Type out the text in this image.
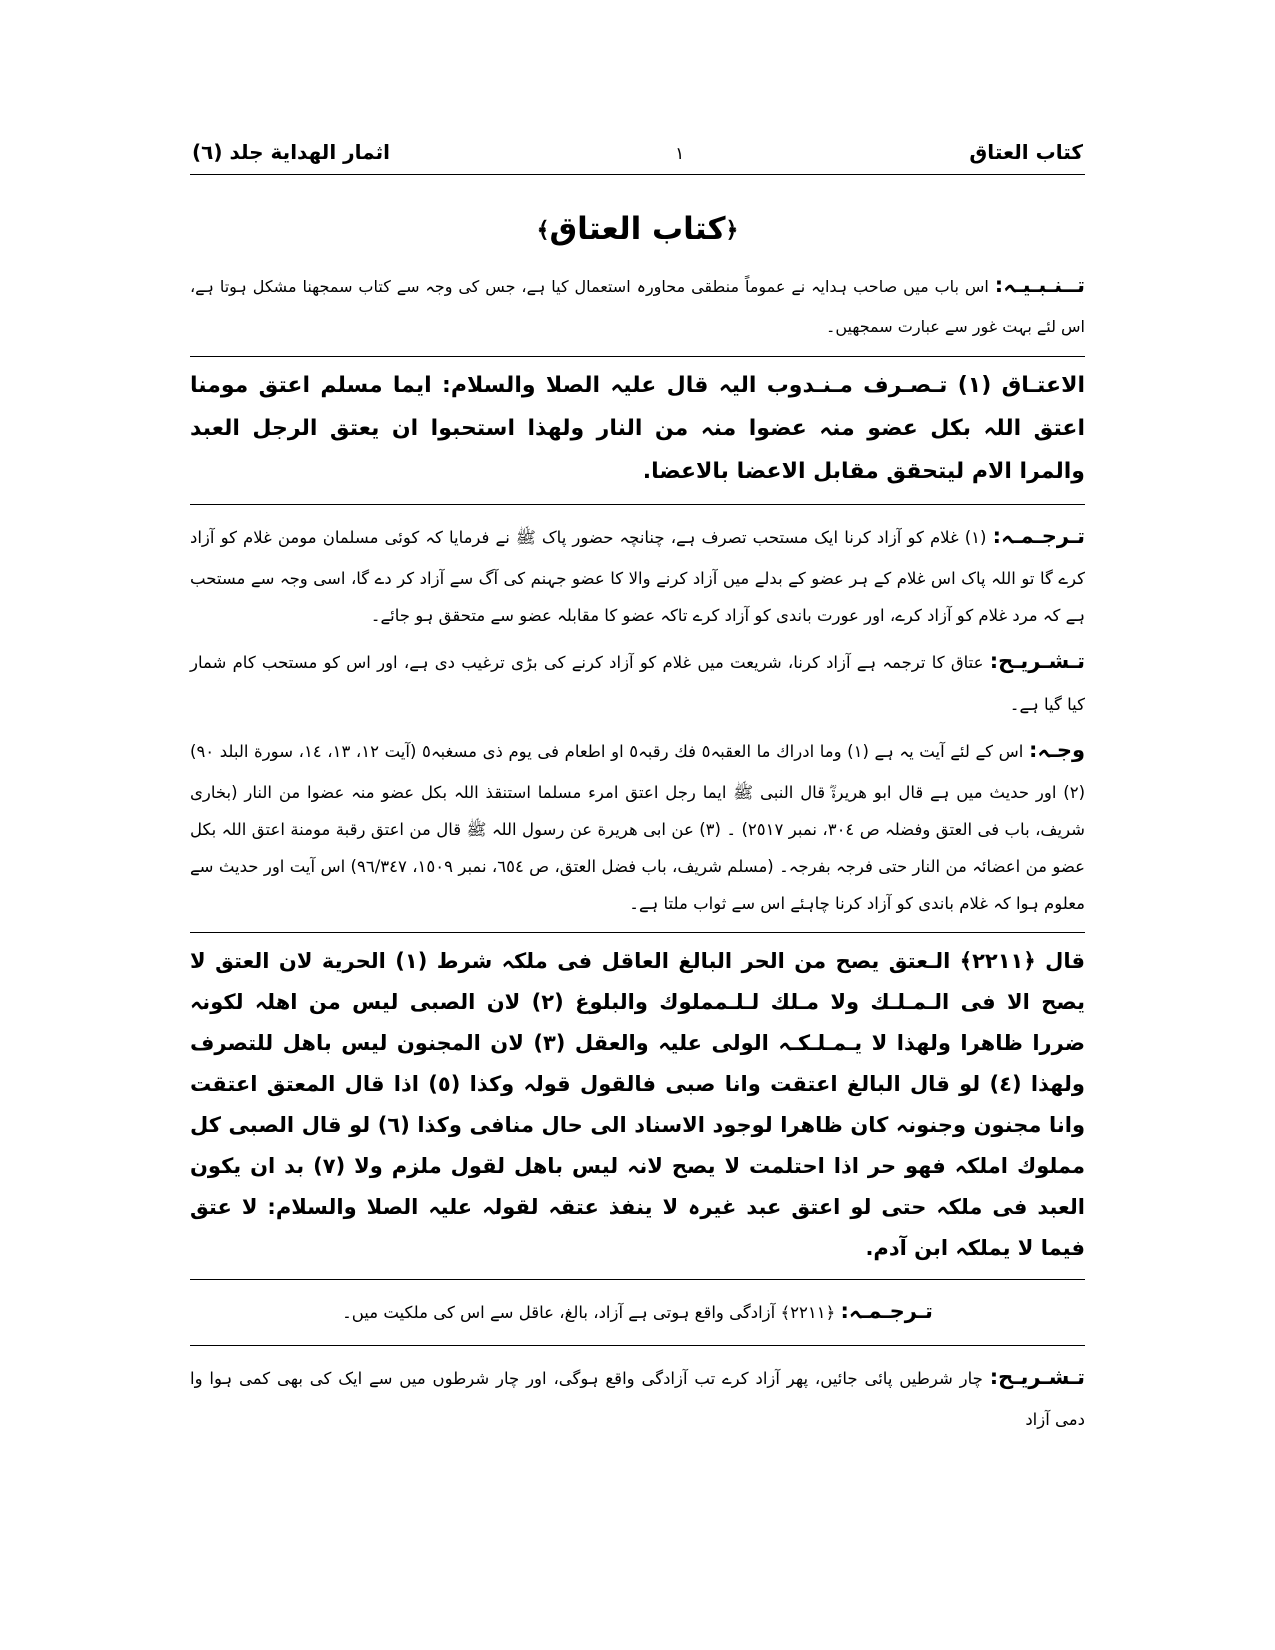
كتاب العتاق
١
اثمار الهداية جلد (٦)
﴿كتاب العتاق﴾

تــنـبـیـہ: اس باب میں صاحب ہدایہ نے عموماً منطقی محاورہ استعمال کیا ہے، جس کی وجہ سے کتاب سمجھنا مشکل ہوتا ہے، اس لئے بہت غور سے عبارت سمجھیں۔

الاعتـاق (١) تـصـرف مـنـدوب الیہ قال علیہ الصلا والسلام: ایما مسلم اعتق مومنا اعتق اللہ بكل عضو منہ عضوا منہ من النار ولھذا استحبوا ان یعتق الرجل العبد والمرا الام لیتحقق مقابل الاعضا بالاعضا.

تـرجـمـہ: (١) غلام کو آزاد کرنا ایک مستحب تصرف ہے، چنانچہ حضور پاک ﷺ نے فرمایا کہ کوئی مسلمان مومن غلام کو آزاد کرے گا تو اللہ پاک اس غلام کے ہر عضو کے بدلے میں آزاد کرنے والا کا عضو جہنم کی آگ سے آزاد کر دے گا، اسی وجہ سے مستحب ہے کہ مرد غلام کو آزاد کرے، اور عورت باندی کو آزاد کرے تاکہ عضو کا مقابلہ عضو سے متحقق ہو جائے۔

تـشـریـح: عتاق کا ترجمہ ہے آزاد کرنا، شریعت میں غلام کو آزاد کرنے کی بڑی ترغیب دی ہے، اور اس کو مستحب کام شمار کیا گیا ہے۔

وجـہ: اس کے لئے آیت یہ ہے (١) وما ادراك ما العقبہ٥ فك رقبہ٥ او اطعام فی یوم ذی مسغبہ٥ (آیت ١٢، ١٣، ١٤، سورة البلد ٩٠) (٢) اور حدیث میں ہے قال ابو ھریرةؓ قال النبی ﷺ ایما رجل اعتق امرء مسلما استنقذ اللہ بكل عضو منہ عضوا من النار (بخاری شریف، باب فی العتق وفضلہ ص ٣٠٤، نمبر ٢٥١٧) ۔ (٣) عن ابی ھریرة عن رسول اللہ ﷺ قال من اعتق رقبة مومنة اعتق اللہ بكل عضو من اعضائہ من النار حتی فرجہ بفرجہ۔ (مسلم شریف، باب فضل العتق، ص ٦٥٤، نمبر ١٥٠٩، ٩٦/٣٤٧) اس آیت اور حدیث سے معلوم ہوا کہ غلام باندی کو آزاد کرنا چاہئے اس سے ثواب ملتا ہے۔

قال ﴿٢٢١١﴾ الـعتق یصح من الحر البالغ العاقل فی ملكہ شرط (١) الحریة لان العتق لا یصح الا فی الـمـلـك ولا مـلك لـلـمملوك والبلوغ (٢) لان الصبی لیس من اھلہ لكونہ ضررا ظاھرا ولھذا لا یـمـلـكـہ الولی علیہ والعقل (٣) لان المجنون لیس باھل للتصرف ولھذا (٤) لو قال البالغ اعتقت وانا صبی فالقول قولہ وكذا (٥) اذا قال المعتق اعتقت وانا مجنون وجنونہ كان ظاھرا لوجود الاسناد الی حال منافی وكذا (٦) لو قال الصبی كل مملوك املكہ فھو حر اذا احتلمت لا یصح لانہ لیس باھل لقول ملزم ولا (٧) بد ان یكون العبد فی ملكہ حتی لو اعتق عبد غیرہ لا ینفذ عتقہ لقولہ علیہ الصلا والسلام: لا عتق فیما لا یملكہ ابن آدم.

تـرجـمـہ: ﴿٢٢١١﴾ آزادگی واقع ہوتی ہے آزاد، بالغ، عاقل سے اس کی ملکیت میں۔

تـشـریـح: چار شرطیں پائی جائیں، پھر آزاد کرے تب آزادگی واقع ہوگی، اور چار شرطوں میں سے ایک کی بھی کمی ہوا وا دمی آزاد
